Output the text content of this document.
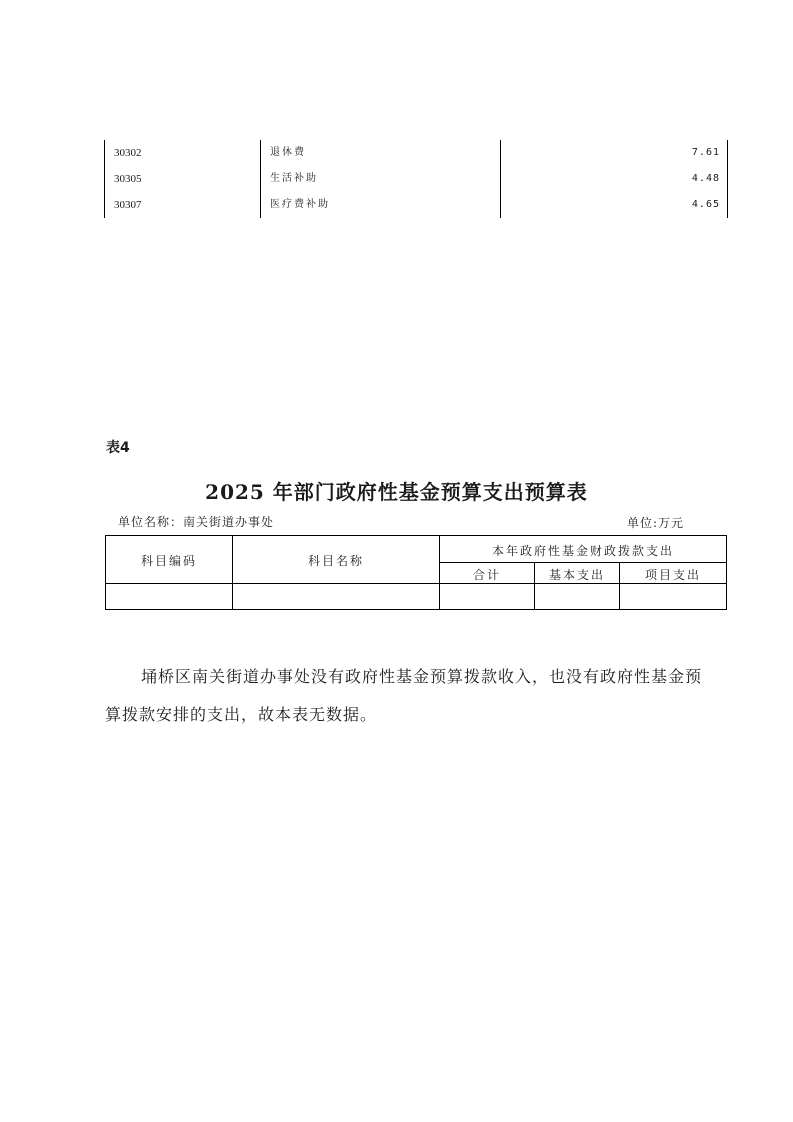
30302	退休费	7.61
30305	生活补助	4.48
30307	医疗费补助	4.65
表4
2025 年部门政府性基金预算支出预算表
单位名称：南关街道办事处	单位:万元
科目编码	科目名称
本年政府性基金财政拨款支出
合计	基本支出	项目支出
埇桥区南关街道办事处没有政府性基金预算拨款收入，也没有政府性基金预算拨款安排的支出，故本表无数据。
